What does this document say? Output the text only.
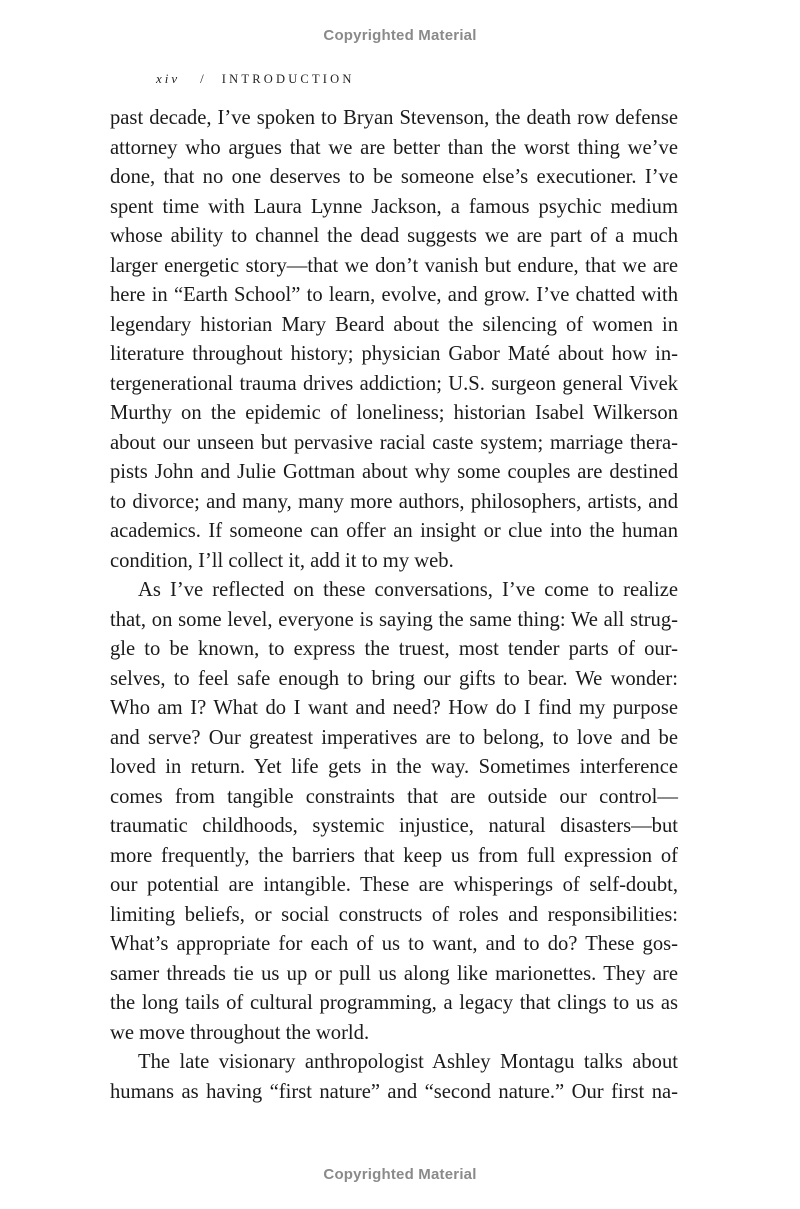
Copyrighted Material
xiv / INTRODUCTION

past decade, I’ve spoken to Bryan Stevenson, the death row defense
attorney who argues that we are better than the worst thing we’ve
done, that no one deserves to be someone else’s executioner. I’ve
spent time with Laura Lynne Jackson, a famous psychic medium
whose ability to channel the dead suggests we are part of a much
larger energetic story—that we don’t vanish but endure, that we are
here in “Earth School” to learn, evolve, and grow. I’ve chatted with
legendary historian Mary Beard about the silencing of women in
literature throughout history; physician Gabor Maté about how in-
tergenerational trauma drives addiction; U.S. surgeon general Vivek
Murthy on the epidemic of loneliness; historian Isabel Wilkerson
about our unseen but pervasive racial caste system; marriage thera-
pists John and Julie Gottman about why some couples are destined
to divorce; and many, many more authors, philosophers, artists, and
academics. If someone can offer an insight or clue into the human
condition, I’ll collect it, add it to my web.

As I’ve reflected on these conversations, I’ve come to realize
that, on some level, everyone is saying the same thing: We all strug-
gle to be known, to express the truest, most tender parts of our-
selves, to feel safe enough to bring our gifts to bear. We wonder:
Who am I? What do I want and need? How do I find my purpose
and serve? Our greatest imperatives are to belong, to love and be
loved in return. Yet life gets in the way. Sometimes interference
comes from tangible constraints that are outside our control—
traumatic childhoods, systemic injustice, natural disasters—but
more frequently, the barriers that keep us from full expression of
our potential are intangible. These are whisperings of self-doubt,
limiting beliefs, or social constructs of roles and responsibilities:
What’s appropriate for each of us to want, and to do? These gos-
samer threads tie us up or pull us along like marionettes. They are
the long tails of cultural programming, a legacy that clings to us as
we move throughout the world.

The late visionary anthropologist Ashley Montagu talks about
humans as having “first nature” and “second nature.” Our first na-

Copyrighted Material
